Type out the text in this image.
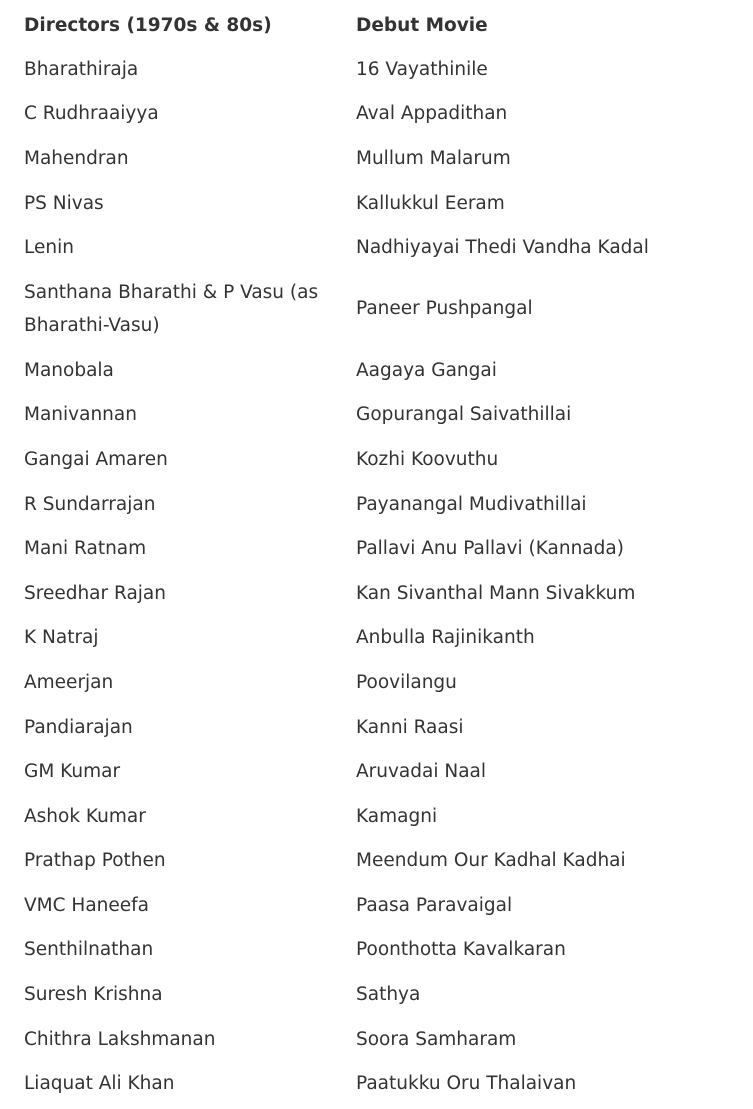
Directors (1970s & 80s)	Debut Movie
Bharathiraja	16 Vayathinile
C Rudhraaiyya	Aval Appadithan
Mahendran	Mullum Malarum
PS Nivas	Kallukkul Eeram
Lenin	Nadhiyayai Thedi Vandha Kadal
Santhana Bharathi & P Vasu (as Bharathi-Vasu)	Paneer Pushpangal
Manobala	Aagaya Gangai
Manivannan	Gopurangal Saivathillai
Gangai Amaren	Kozhi Koovuthu
R Sundarrajan	Payanangal Mudivathillai
Mani Ratnam	Pallavi Anu Pallavi (Kannada)
Sreedhar Rajan	Kan Sivanthal Mann Sivakkum
K Natraj	Anbulla Rajinikanth
Ameerjan	Poovilangu
Pandiarajan	Kanni Raasi
GM Kumar	Aruvadai Naal
Ashok Kumar	Kamagni
Prathap Pothen	Meendum Our Kadhal Kadhai
VMC Haneefa	Paasa Paravaigal
Senthilnathan	Poonthotta Kavalkaran
Suresh Krishna	Sathya
Chithra Lakshmanan	Soora Samharam
Liaquat Ali Khan	Paatukku Oru Thalaivan
